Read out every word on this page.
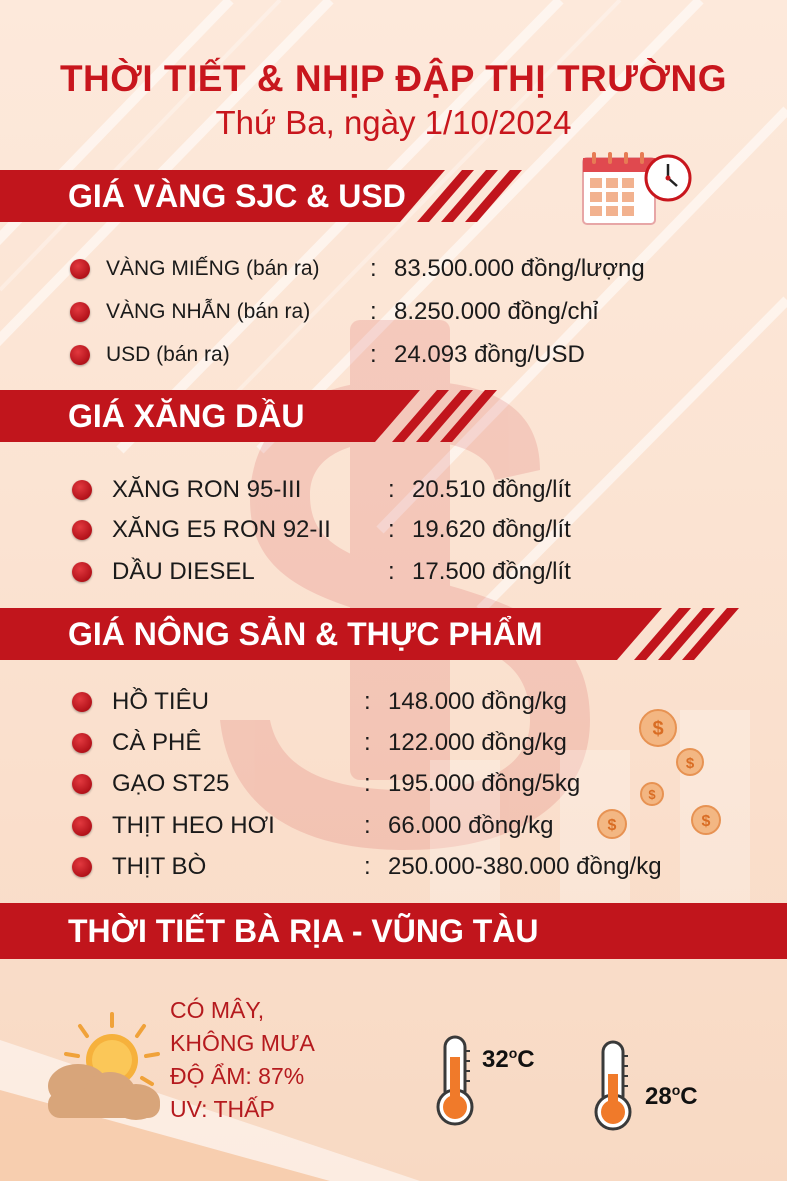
THỜI TIẾT & NHỊP ĐẬP THỊ TRƯỜNG
Thứ Ba, ngày 1/10/2024
$
$
$
$	$
GIÁ VÀNG SJC & USD
VÀNG MIẾNG (bán ra) : 83.500.000 đồng/lượng
VÀNG NHẪN (bán ra) : 8.250.000 đồng/chỉ
USD (bán ra)	: 24.093 đồng/USD
GIÁ XĂNG DẦU
XĂNG RON 95-III	: 20.510 đồng/lít
XĂNG E5 RON 92-II : 19.620 đồng/lít
DẦU DIESEL	: 17.500 đồng/lít
GIÁ NÔNG SẢN & THỰC PHẨM
HỒ TIÊU	: 148.000 đồng/kg
CÀ PHÊ	: 122.000 đồng/kg
GẠO ST25	: 195.000 đồng/5kg
THỊT HEO HƠI	: 66.000 đồng/kg
THỊT BÒ	: 250.000-380.000 đồng/kg
THỜI TIẾT BÀ RỊA - VŨNG TÀU
CÓ MÂY,
KHÔNG MƯA
ĐỘ ẨM: 87%
UV: THẤP
32$^o$C
28$^o$C
